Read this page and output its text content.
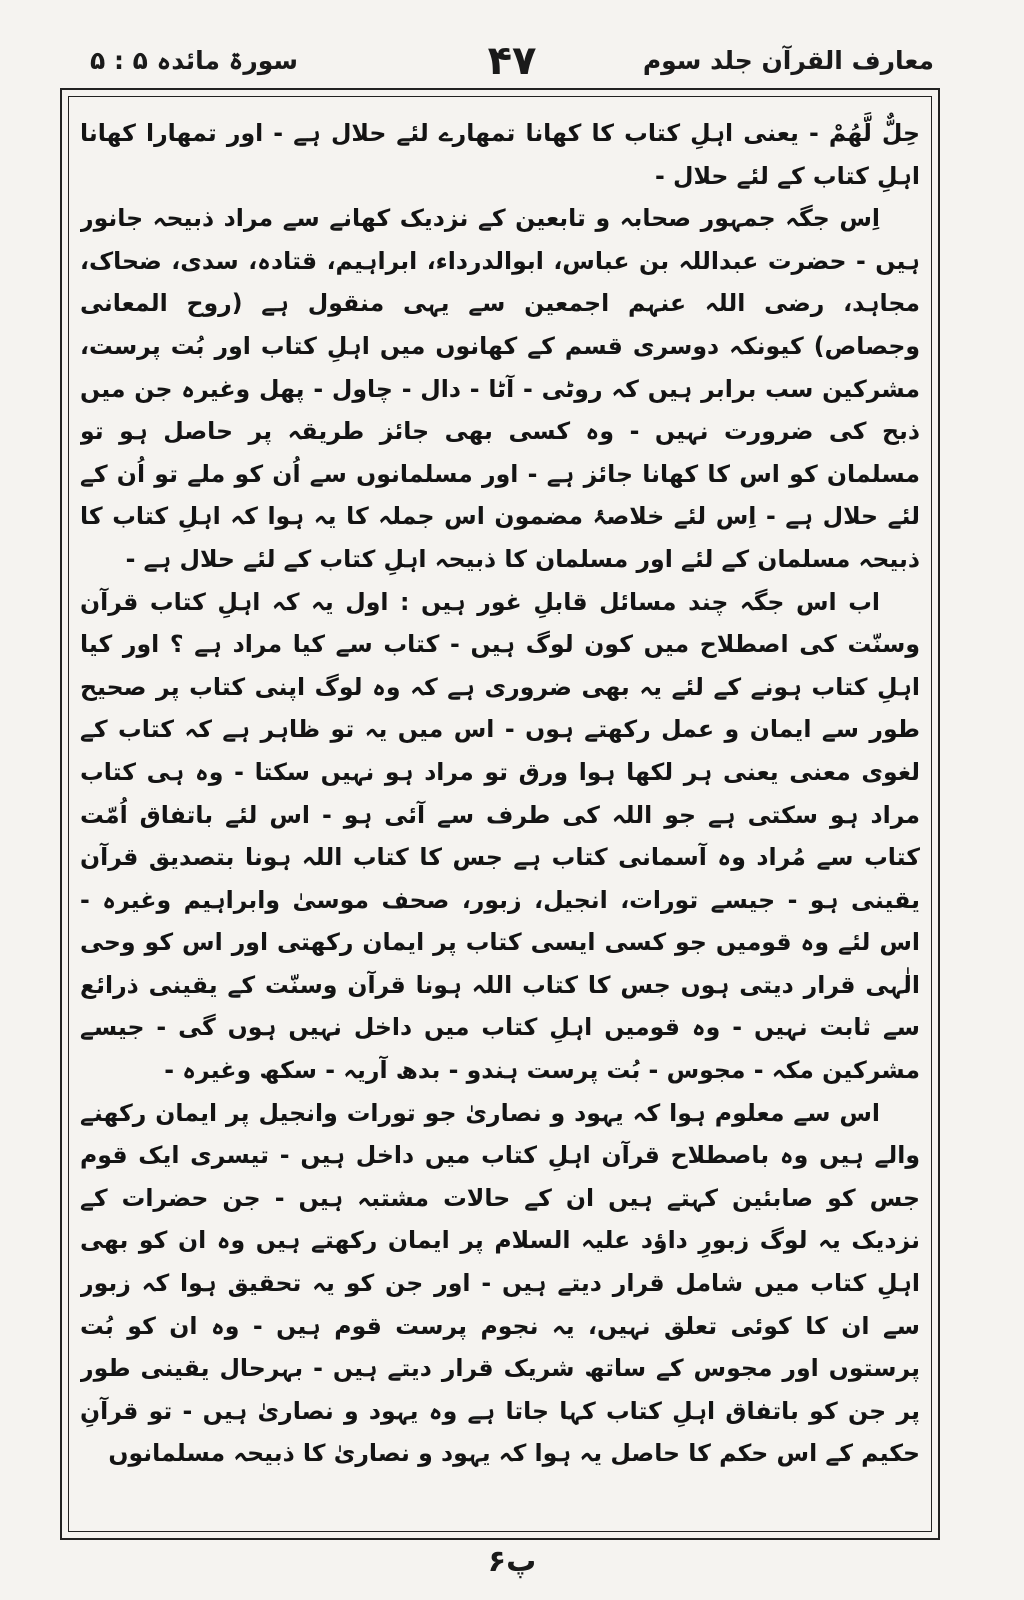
معارف القرآن جلد سوم
۴۷
سورۃ مائدہ ۵ : ۵

حِلٌّ لَّهُمْ - یعنی اہلِ کتاب کا کھانا تمھارے لئے حلال ہے - اور تمھارا کھانا اہلِ کتاب کے لئے حلال -

اِس جگہ جمہور صحابہ و تابعین کے نزدیک کھانے سے مراد ذبیحہ جانور ہیں - حضرت عبداللہ بن عباس، ابوالدرداء، ابراہیم، قتادہ، سدی، ضحاک، مجاہد، رضی اللہ عنہم اجمعین سے یہی منقول ہے (روح المعانی وجصاص) کیونکہ دوسری قسم کے کھانوں میں اہلِ کتاب اور بُت پرست، مشرکین سب برابر ہیں کہ روٹی - آٹا - دال - چاول - پھل وغیرہ جن میں ذبح کی ضرورت نہیں - وہ کسی بھی جائز طریقہ پر حاصل ہو تو مسلمان کو اس کا کھانا جائز ہے - اور مسلمانوں سے اُن کو ملے تو اُن کے لئے حلال ہے - اِس لئے خلاصۂ مضمون اس جملہ کا یہ ہوا کہ اہلِ کتاب کا ذبیحہ مسلمان کے لئے اور مسلمان کا ذبیحہ اہلِ کتاب کے لئے حلال ہے -

اب اس جگہ چند مسائل قابلِ غور ہیں : اول یہ کہ اہلِ کتاب قرآن وسنّت کی اصطلاح میں کون لوگ ہیں - کتاب سے کیا مراد ہے ؟ اور کیا اہلِ کتاب ہونے کے لئے یہ بھی ضروری ہے کہ وہ لوگ اپنی کتاب پر صحیح طور سے ایمان و عمل رکھتے ہوں - اس میں یہ تو ظاہر ہے کہ کتاب کے لغوی معنی یعنی ہر لکھا ہوا ورق تو مراد ہو نہیں سکتا - وہ ہی کتاب مراد ہو سکتی ہے جو اللہ کی طرف سے آئی ہو - اس لئے باتفاق اُمّت کتاب سے مُراد وہ آسمانی کتاب ہے جس کا کتاب اللہ ہونا بتصدیق قرآن یقینی ہو - جیسے تورات، انجیل، زبور، صحف موسیٰ وابراہیم وغیرہ - اس لئے وہ قومیں جو کسی ایسی کتاب پر ایمان رکھتی اور اس کو وحی الٰہی قرار دیتی ہوں جس کا کتاب اللہ ہونا قرآن وسنّت کے یقینی ذرائع سے ثابت نہیں - وہ قومیں اہلِ کتاب میں داخل نہیں ہوں گی - جیسے مشرکین مکہ - مجوس - بُت پرست ہندو - بدھ آریہ - سکھ وغیرہ -

اس سے معلوم ہوا کہ یہود و نصاریٰ جو تورات وانجیل پر ایمان رکھنے والے ہیں وہ باصطلاح قرآن اہلِ کتاب میں داخل ہیں - تیسری ایک قوم جس کو صابئین کہتے ہیں ان کے حالات مشتبہ ہیں - جن حضرات کے نزدیک یہ لوگ زبورِ داؤد علیہ السلام پر ایمان رکھتے ہیں وہ ان کو بھی اہلِ کتاب میں شامل قرار دیتے ہیں - اور جن کو یہ تحقیق ہوا کہ زبور سے ان کا کوئی تعلق نہیں، یہ نجوم پرست قوم ہیں - وہ ان کو بُت پرستوں اور مجوس کے ساتھ شریک قرار دیتے ہیں - بہرحال یقینی طور پر جن کو باتفاق اہلِ کتاب کہا جاتا ہے وہ یہود و نصاریٰ ہیں - تو قرآنِ حکیم کے اس حکم کا حاصل یہ ہوا کہ یہود و نصاریٰ کا ذبیحہ مسلمانوں

۶پ
